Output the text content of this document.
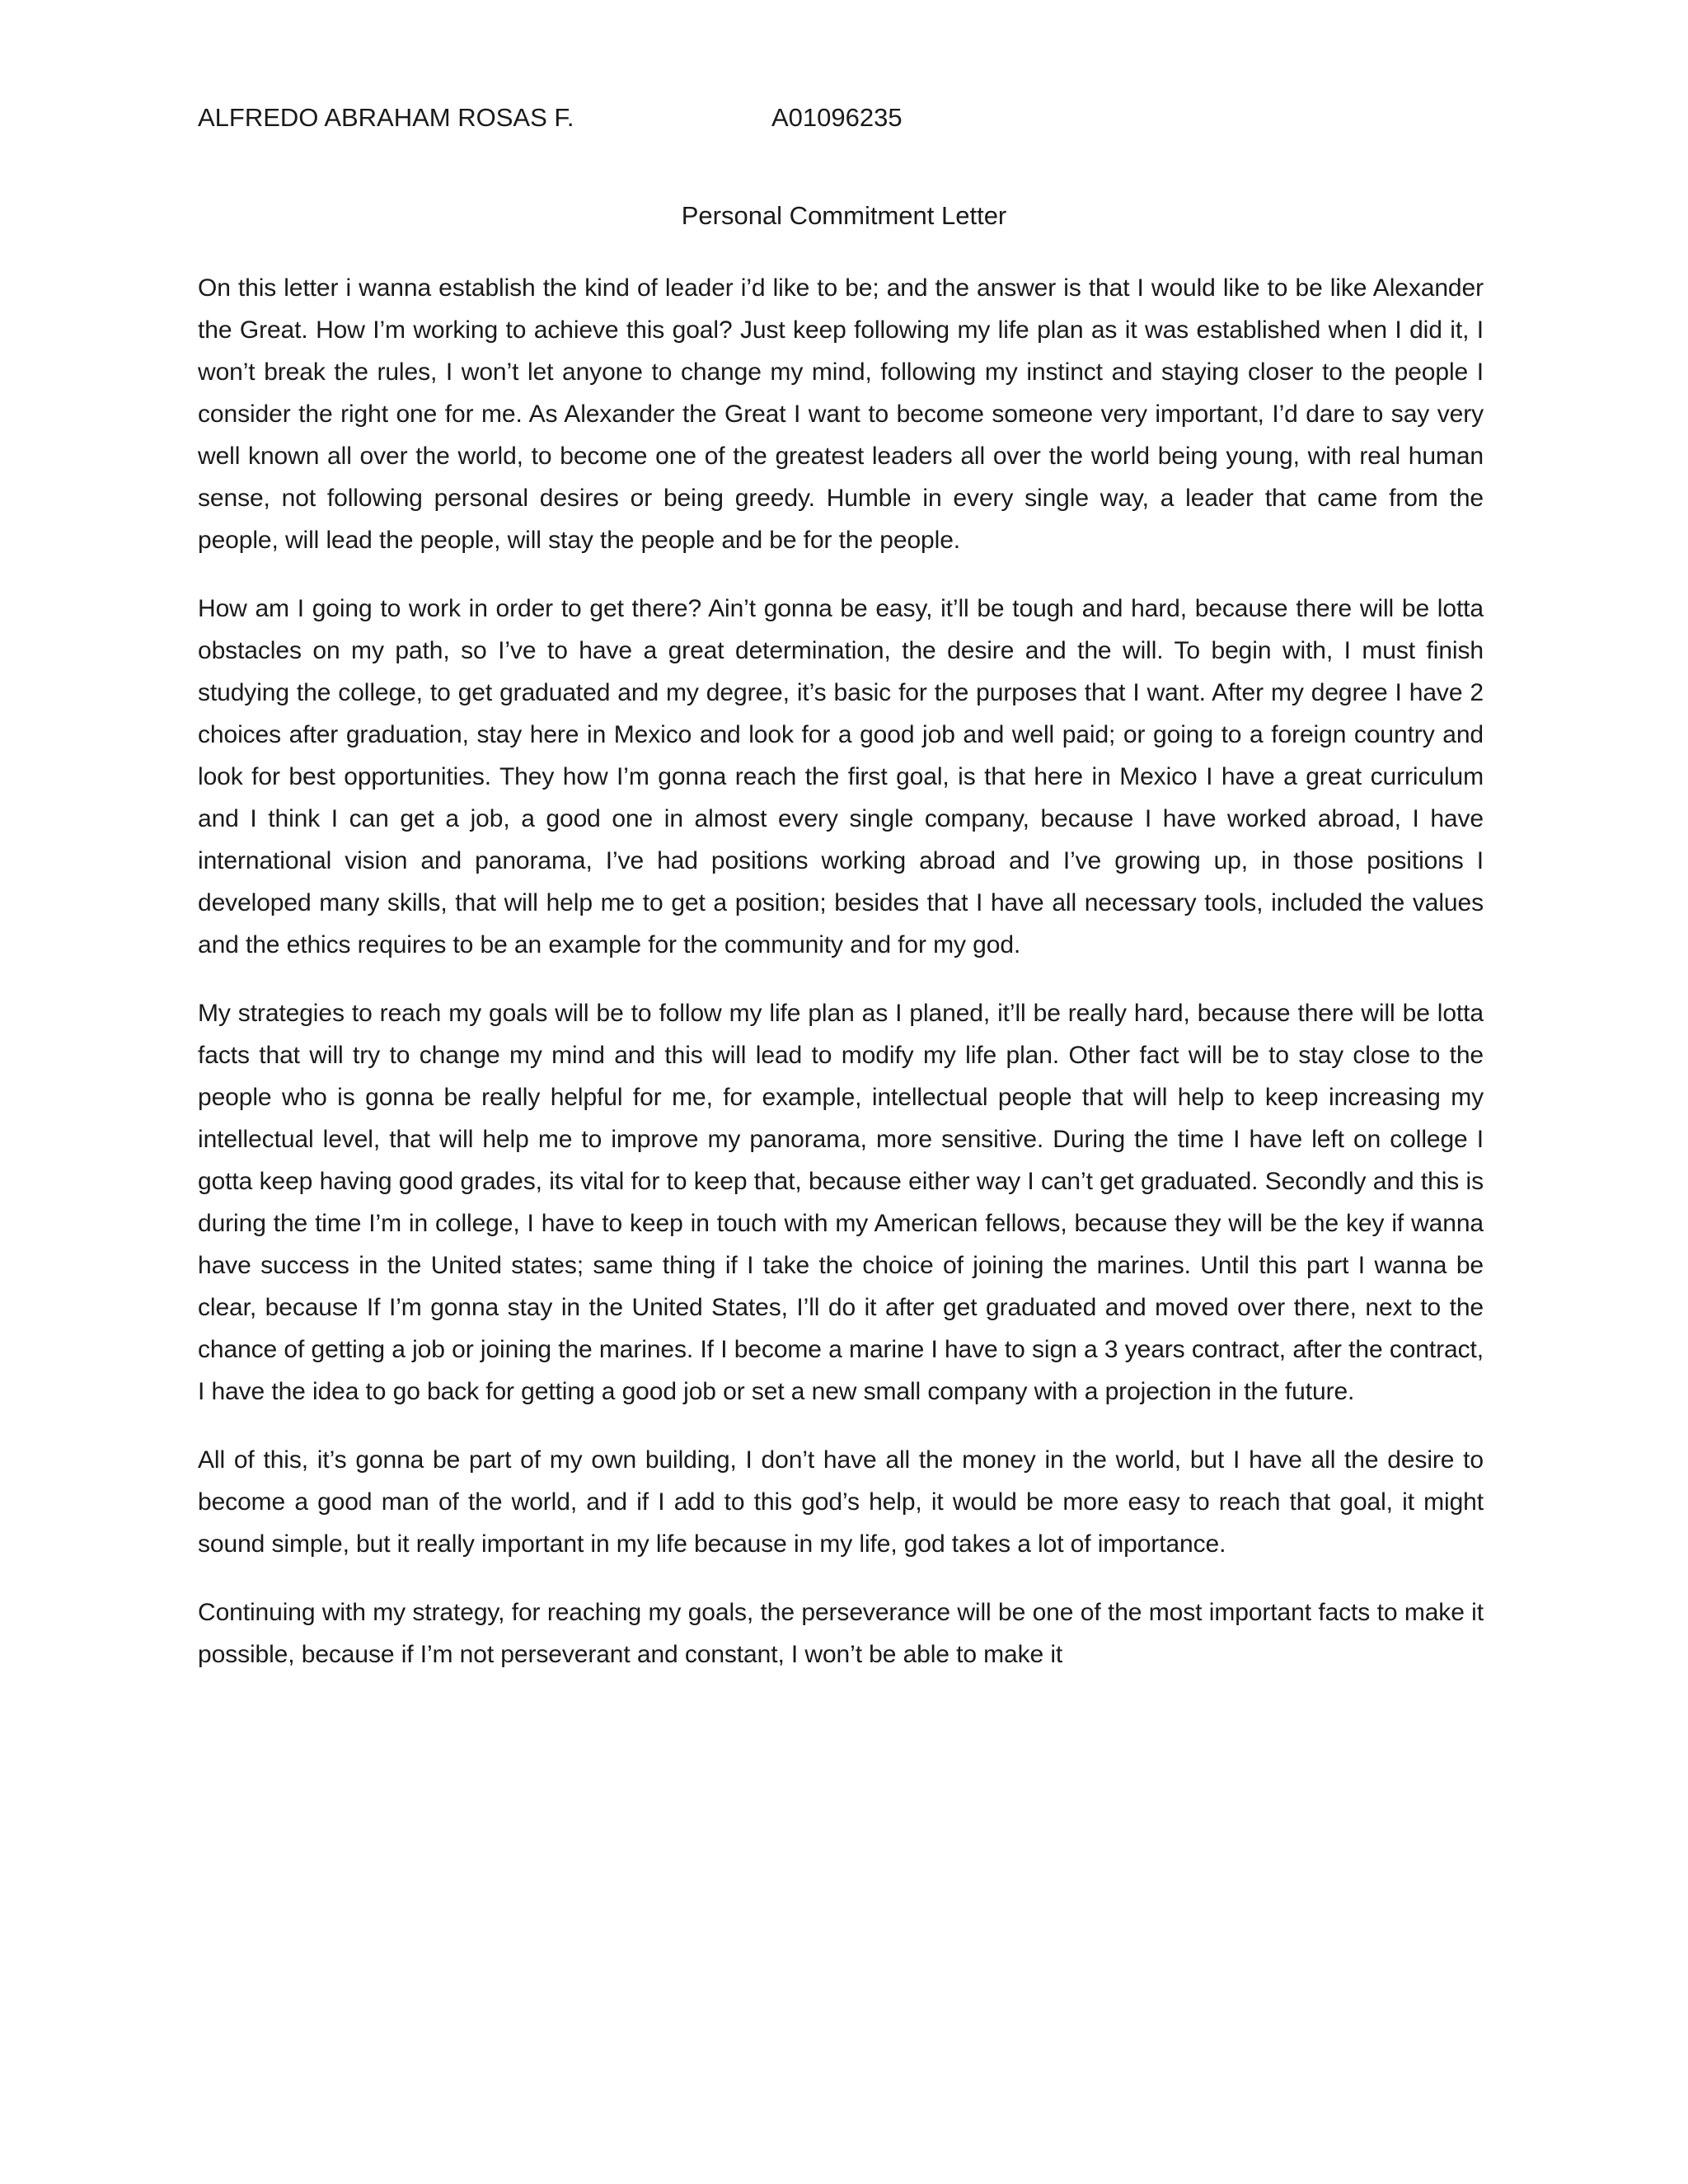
ALFREDO ABRAHAM ROSAS F.	A01096235
Personal Commitment Letter

On this letter i wanna establish the kind of leader i’d like to be; and the answer is that I would like to be like Alexander the Great. How I’m working to achieve this goal? Just keep following my life plan as it was established when I did it, I won’t break the rules, I won’t let anyone to change my mind, following my instinct and staying closer to the people I consider the right one for me. As Alexander the Great I want to become someone very important, I’d dare to say very well known all over the world, to become one of the greatest leaders all over the world being young, with real human sense, not following personal desires or being greedy. Humble in every single way, a leader that came from the people, will lead the people, will stay the people and be for the people.

How am I going to work in order to get there? Ain’t gonna be easy, it’ll be tough and hard, because there will be lotta obstacles on my path, so I’ve to have a great determination, the desire and the will. To begin with, I must finish studying the college, to get graduated and my degree, it’s basic for the purposes that I want. After my degree I have 2 choices after graduation, stay here in Mexico and look for a good job and well paid; or going to a foreign country and look for best opportunities. They how I’m gonna reach the first goal, is that here in Mexico I have a great curriculum and I think I can get a job, a good one in almost every single company, because I have worked abroad, I have international vision and panorama, I’ve had positions working abroad and I’ve growing up, in those positions I developed many skills, that will help me to get a position; besides that I have all necessary tools, included the values and the ethics requires to be an example for the community and for my god.

My strategies to reach my goals will be to follow my life plan as I planed, it’ll be really hard, because there will be lotta facts that will try to change my mind and this will lead to modify my life plan. Other fact will be to stay close to the people who is gonna be really helpful for me, for example, intellectual people that will help to keep increasing my intellectual level, that will help me to improve my panorama, more sensitive. During the time I have left on college I gotta keep having good grades, its vital for to keep that, because either way I can’t get graduated. Secondly and this is during the time I’m in college, I have to keep in touch with my American fellows, because they will be the key if wanna have success in the United states; same thing if I take the choice of joining the marines. Until this part I wanna be clear, because If I’m gonna stay in the United States, I’ll do it after get graduated and moved over there, next to the chance of getting a job or joining the marines. If I become a marine I have to sign a 3 years contract, after the contract, I have the idea to go back for getting a good job or set a new small company with a projection in the future.

All of this, it’s gonna be part of my own building, I don’t have all the money in the world, but I have all the desire to become a good man of the world, and if I add to this god’s help, it would be more easy to reach that goal, it might sound simple, but it really important in my life because in my life, god takes a lot of importance.

Continuing with my strategy, for reaching my goals, the perseverance will be one of the most important facts to make it possible, because if I’m not perseverant and constant, I won’t be able to make it
